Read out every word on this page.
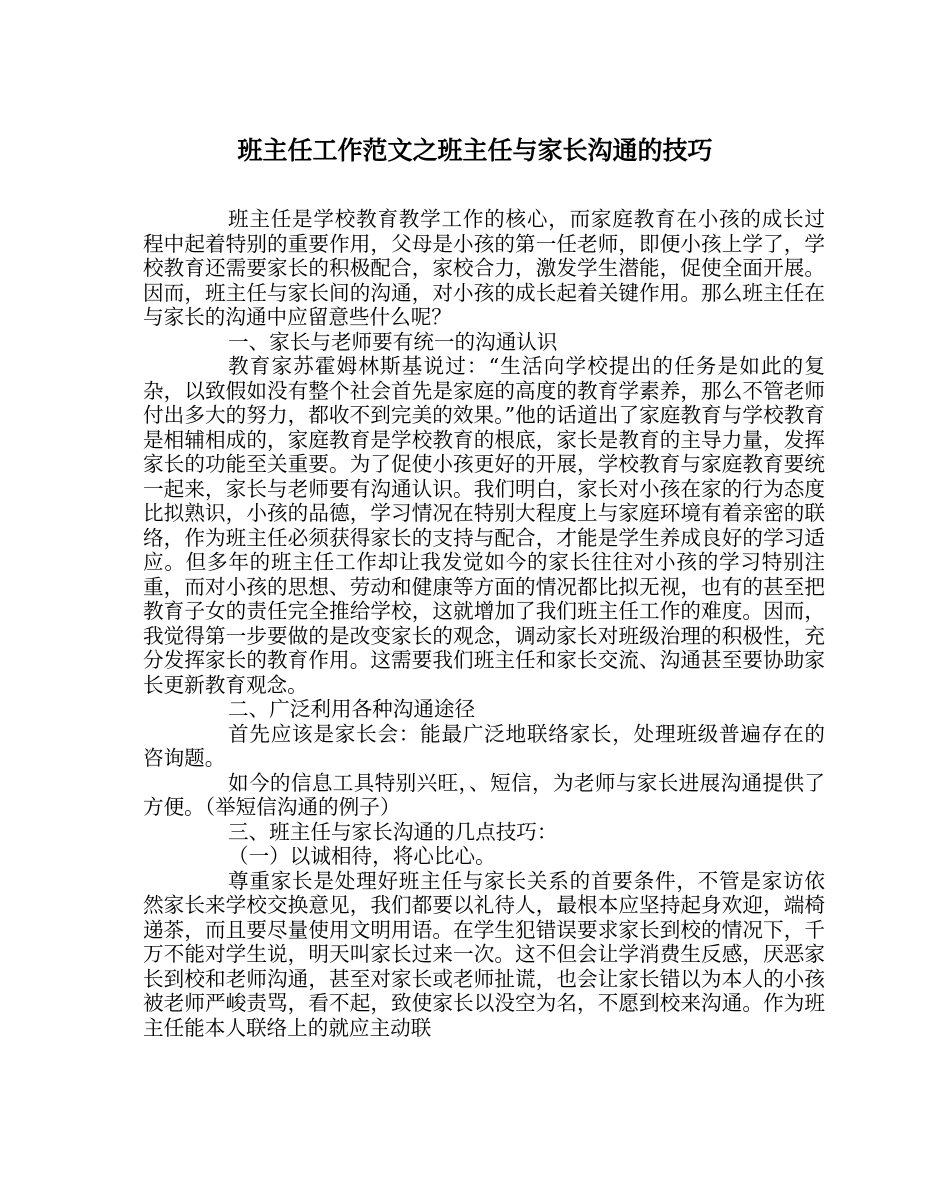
班主任工作范文之班主任与家长沟通的技巧

班主任是学校教育教学工作的核心，而家庭教育在小孩的成长过程中起着特别的重要作用，父母是小孩的第一任老师，即便小孩上学了，学校教育还需要家长的积极配合，家校合力，激发学生潜能，促使全面开展。因而，班主任与家长间的沟通，对小孩的成长起着关键作用。那么班主任在与家长的沟通中应留意些什么呢？

一、家长与老师要有统一的沟通认识

教育家苏霍姆林斯基说过：“生活向学校提出的任务是如此的复杂，以致假如没有整个社会首先是家庭的高度的教育学素养，那么不管老师付出多大的努力，都收不到完美的效果。”他的话道出了家庭教育与学校教育是相辅相成的，家庭教育是学校教育的根底，家长是教育的主导力量，发挥家长的功能至关重要。为了促使小孩更好的开展，学校教育与家庭教育要统一起来，家长与老师要有沟通认识。我们明白，家长对小孩在家的行为态度比拟熟识，小孩的品德，学习情况在特别大程度上与家庭环境有着亲密的联络，作为班主任必须获得家长的支持与配合，才能是学生养成良好的学习适应。但多年的班主任工作却让我发觉如今的家长往往对小孩的学习特别注重，而对小孩的思想、劳动和健康等方面的情况都比拟无视，也有的甚至把教育子女的责任完全推给学校，这就增加了我们班主任工作的难度。因而，我觉得第一步要做的是改变家长的观念，调动家长对班级治理的积极性，充分发挥家长的教育作用。这需要我们班主任和家长交流、沟通甚至要协助家长更新教育观念。

二、广泛利用各种沟通途径

首先应该是家长会：能最广泛地联络家长，处理班级普遍存在的咨询题。

如今的信息工具特别兴旺，、短信，为老师与家长进展沟通提供了方便。（举短信沟通的例子）

三、班主任与家长沟通的几点技巧：

（一）以诚相待，将心比心。

尊重家长是处理好班主任与家长关系的首要条件，不管是家访依然家长来学校交换意见，我们都要以礼待人，最根本应坚持起身欢迎，端椅递茶，而且要尽量使用文明用语。在学生犯错误要求家长到校的情况下，千万不能对学生说，明天叫家长过来一次。这不但会让学消费生反感，厌恶家长到校和老师沟通，甚至对家长或老师扯谎，也会让家长错以为本人的小孩被老师严峻责骂，看不起，致使家长以没空为名，不愿到校来沟通。作为班主任能本人联络上的就应主动联
